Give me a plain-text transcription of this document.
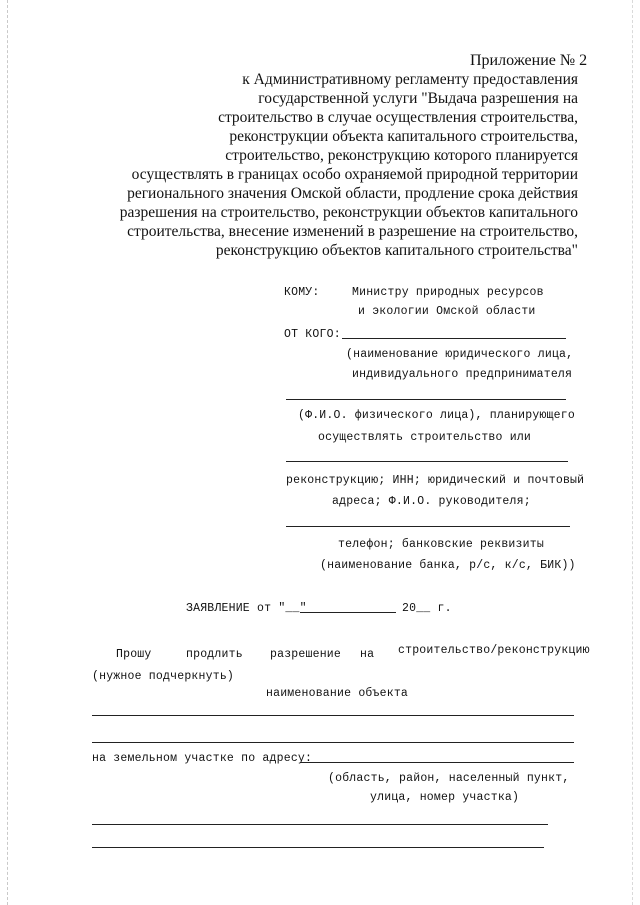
Приложение № 2
к Административному регламенту предоставления
государственной услуги "Выдача разрешения на
строительство в случае осуществления строительства,
реконструкции объекта капитального строительства,
строительство, реконструкцию которого планируется
осуществлять в границах особо охраняемой природной территории
регионального значения Омской области, продление срока действия
разрешения на строительство, реконструкции объектов капитального
строительства, внесение изменений в разрешение на строительство,
реконструкцию объектов капитального строительства"
КОМУ:	Министру природных ресурсов
и экологии Омской области
ОТ КОГО:
(наименование юридического лица,
индивидуального предпринимателя
(Ф.И.О. физического лица), планирующего
осуществлять строительство или
реконструкцию; ИНН; юридический и почтовый
адреса; Ф.И.О. руководителя;
телефон; банковские реквизиты
(наименование банка, р/с, к/с, БИК))
ЗАЯВЛЕНИЕ от "__"	20__ г.
Прошу	продлить разрешение на строительство/реконструкцию
(нужное подчеркнуть)
наименование объекта
на земельном участке по адресу:
(область, район, населенный пункт,
улица, номер участка)
